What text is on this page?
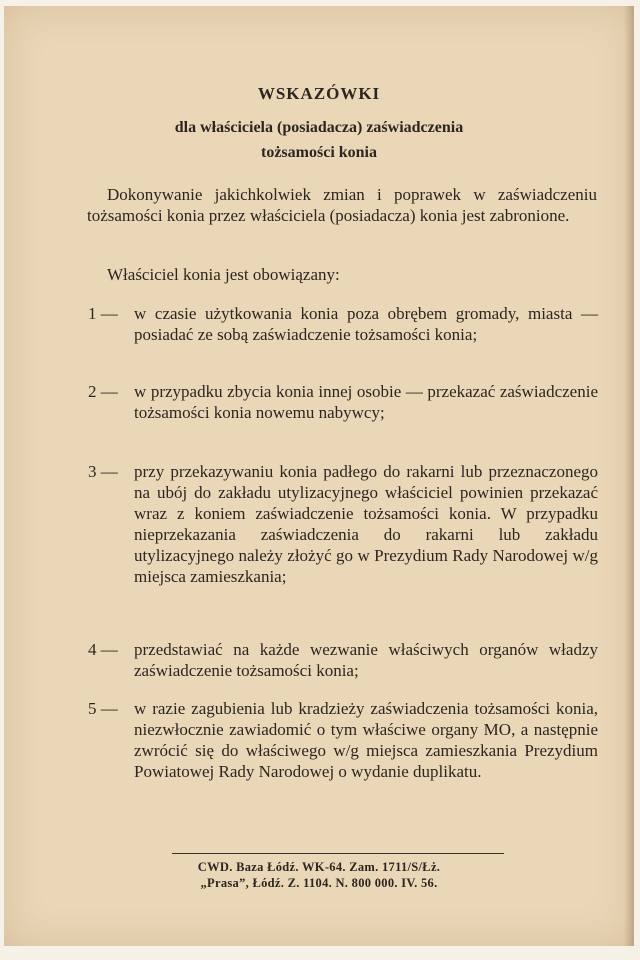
WSKAZÓWKI
dla właściciela (posiadacza) zaświadczenia
tożsamości konia
Dokonywanie jakichkolwiek zmian i poprawek w zaświadczeniu tożsamości konia przez właściciela (posiadacza) konia jest zabronione.
Właściciel konia jest obowiązany:
1 — w czasie użytkowania konia poza obrębem gromady, miasta — posiadać ze sobą zaświadczenie tożsamości konia;
2 — w przypadku zbycia konia innej osobie — przekazać zaświadczenie tożsamości konia nowemu nabywcy;
3 — przy przekazywaniu konia padłego do rakarni lub przeznaczonego na ubój do zakładu utylizacyjnego właściciel powinien przekazać wraz z koniem zaświadczenie tożsamości konia. W przypadku nieprzekazania zaświadczenia do rakarni lub zakładu utylizacyjnego należy złożyć go w Prezydium Rady Narodowej w/g miejsca zamieszkania;
4 — przedstawiać na każde wezwanie właściwych organów władzy zaświadczenie tożsamości konia;
5 — w razie zagubienia lub kradzieży zaświadczenia tożsamości konia, niezwłocznie zawiadomić o tym właściwe organy MO, a następnie zwrócić się do właściwego w/g miejsca zamieszkania Prezydium Powiatowej Rady Narodowej o wydanie duplikatu.
CWD. Baza Łódź. WK-64. Zam. 1711/S/Łż.
„Prasa”, Łódź. Z. 1104. N. 800 000. IV. 56.
